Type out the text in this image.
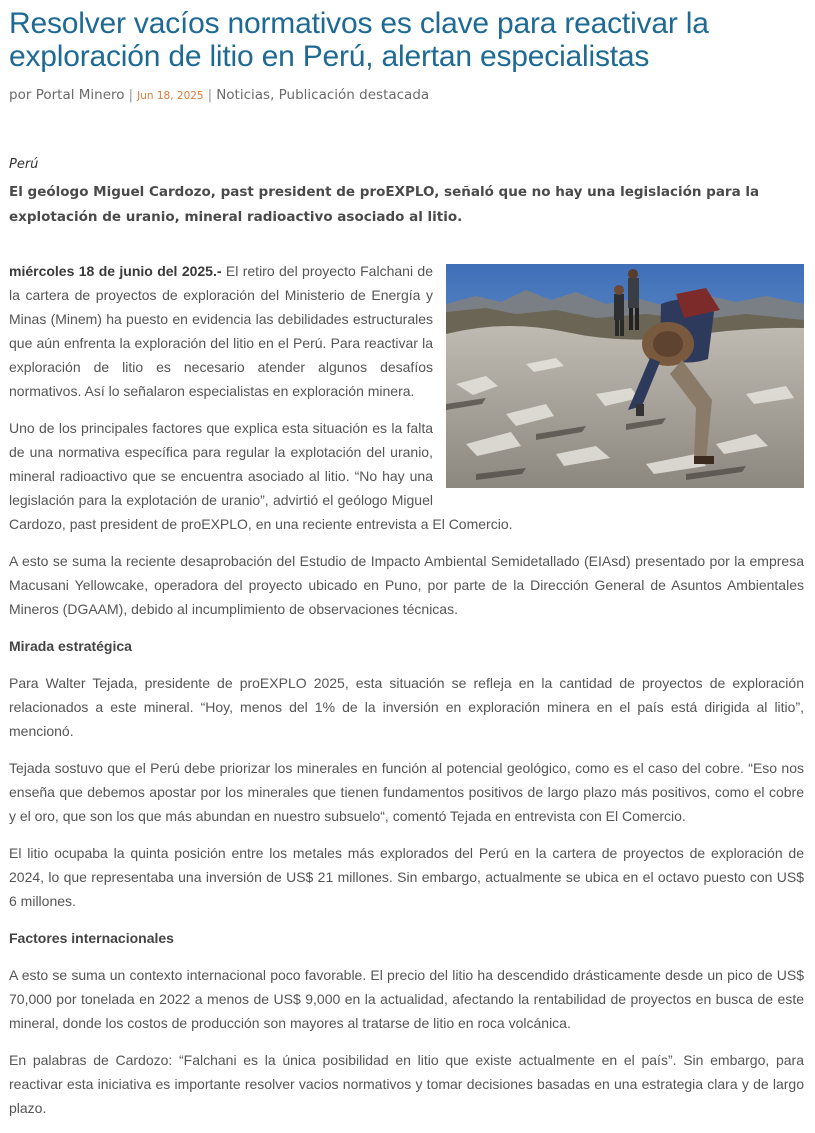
Resolver vacíos normativos es clave para reactivar la exploración de litio en Perú, alertan especialistas
por Portal Minero | Jun 18, 2025 | Noticias, Publicación destacada
Perú
El geólogo Miguel Cardozo, past president de proEXPLO, señaló que no hay una legislación para la explotación de uranio, mineral radioactivo asociado al litio.

miércoles 18 de junio del 2025.- El retiro del proyecto Falchani de la cartera de proyectos de exploración del Ministerio de Energía y Minas (Minem) ha puesto en evidencia las debilidades estructurales que aún enfrenta la exploración del litio en el Perú. Para reactivar la exploración de litio es necesario atender algunos desafíos normativos. Así lo señalaron especialistas en exploración minera.

Uno de los principales factores que explica esta situación es la falta de una normativa específica para regular la explotación del uranio, mineral radioactivo que se encuentra asociado al litio. “No hay una legislación para la explotación de uranio”, advirtió el geólogo Miguel Cardozo, past president de proEXPLO, en una reciente entrevista a El Comercio.

A esto se suma la reciente desaprobación del Estudio de Impacto Ambiental Semidetallado (EIAsd) presentado por la empresa Macusani Yellowcake, operadora del proyecto ubicado en Puno, por parte de la Dirección General de Asuntos Ambientales Mineros (DGAAM), debido al incumplimiento de observaciones técnicas.

Mirada estratégica

Para Walter Tejada, presidente de proEXPLO 2025, esta situación se refleja en la cantidad de proyectos de exploración relacionados a este mineral. “Hoy, menos del 1% de la inversión en exploración minera en el país está dirigida al litio”, mencionó.

Tejada sostuvo que el Perú debe priorizar los minerales en función al potencial geológico, como es el caso del cobre. “Eso nos enseña que debemos apostar por los minerales que tienen fundamentos positivos de largo plazo más positivos, como el cobre y el oro, que son los que más abundan en nuestro subsuelo“, comentó Tejada en entrevista con El Comercio.

El litio ocupaba la quinta posición entre los metales más explorados del Perú en la cartera de proyectos de exploración de 2024, lo que representaba una inversión de US$ 21 millones. Sin embargo, actualmente se ubica en el octavo puesto con US$ 6 millones.

Factores internacionales

A esto se suma un contexto internacional poco favorable. El precio del litio ha descendido drásticamente desde un pico de US$ 70,000 por tonelada en 2022 a menos de US$ 9,000 en la actualidad, afectando la rentabilidad de proyectos en busca de este mineral, donde los costos de producción son mayores al tratarse de litio en roca volcánica.

En palabras de Cardozo: “Falchani es la única posibilidad en litio que existe actualmente en el país”. Sin embargo, para reactivar esta iniciativa es importante resolver vacios normativos y tomar decisiones basadas en una estrategia clara y de largo plazo.
